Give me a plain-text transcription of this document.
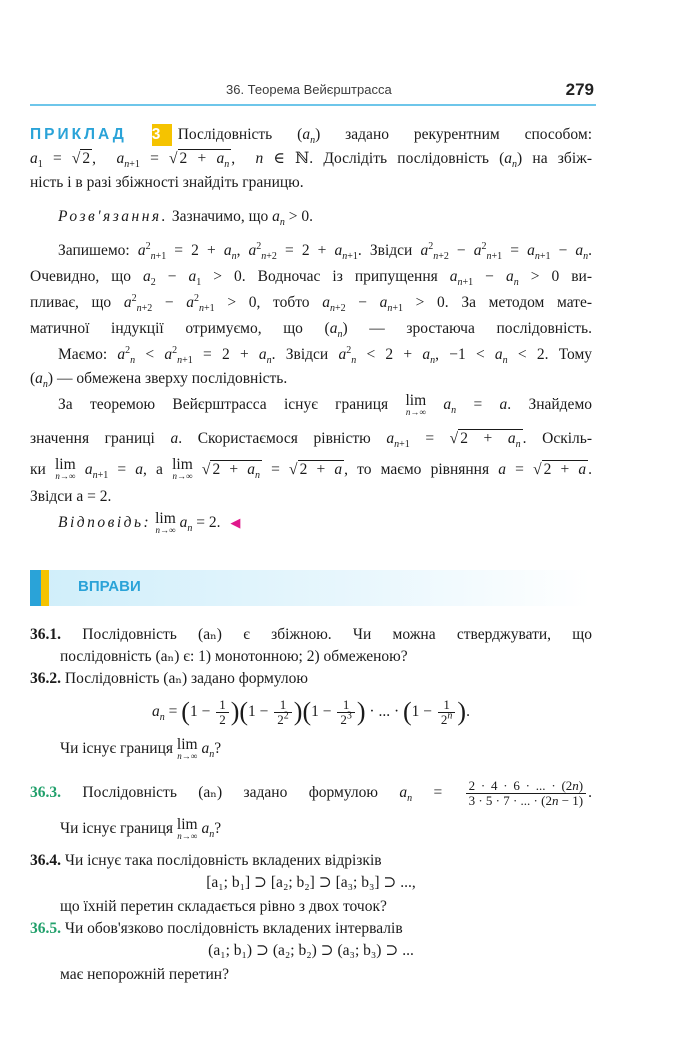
36. Теорема Вейєрштрасса	279
ПРИКЛАД 3 Послідовність $(a_n)$ задано рекурентним способом:
$a_1$ = √ 2 ,  $a_{n+1}$ = √ $2 + a_n$ ,  n ∈ ℕ. Дослідіть послідовність $(a_n)$ на збіж-
ність і в разі збіжності знайдіть границю.
Розв'язання. Зазначимо, що $a_n > 0$.
Запишемо: $a^2_{n+1} = 2 + a_n$, $a^2_{n+2} = 2 + a_{n+1}$. Звідси $a^2_{n+2} - a^2_{n+1} = a_{n+1} - a_n$.
Очевидно, що $a_2 - a_1 > 0$. Водночас із припущення $a_{n+1} - a_n > 0$ ви-
пливає, що $a^2_{n+2} - a^2_{n+1} > 0$, тобто $a_{n+2} - a_{n+1} > 0$. За методом мате-
матичної індукції отримуємо, що $(a_n)$ — зростаюча послідовність.
Маємо: $a^2_n < a^2_{n+1} = 2 + a_n$. Звідси $a^2_n < 2 + a_n$, $-1 < a_n < 2$. Тому
$(a_n)$ — обмежена зверху послідовність.
За теоремою Вейєрштрасса існує границя lim
n→∞ $a_n = a$. Знайдемо
значення границі a. Скористаємося рівністю $a_{n+1}$ = √ $2 + a_n$ . Оскіль-
ки lim
n→∞ $a_{n+1} = a$, а lim
n→∞ √ $2 + a_n$ = √ 2 + a , то маємо рівняння a = √ 2 + a .
Звідси a = 2.
Відповідь: lim
n→∞ $a_n = 2$. ◀
ВПРАВИ
36.1. Послідовність (aₙ) є збіжною. Чи можна стверджувати, що
послідовність (aₙ) є: 1) монотонною; 2) обмеженою?
36.2. Послідовність (aₙ) задано формулою
$a_n = (1 - \frac{1}{2} )(1 - \frac{1}{2^2} )(1 - \frac{1}{2^3}$ ) · ... · ($1 - \frac{1}{2^n}$ ).
Чи існує границя lim
n→∞ $a_n$?
36.3. Послідовність (aₙ) задано формулою $a_n = \frac{2 \cdot 4 \cdot 6 \cdot ... \cdot (2n)}{3 \cdot 5 \cdot 7 \cdot ... \cdot (2n - 1)}$ .
Чи існує границя lim
n→∞ $a_n$?
36.4. Чи існує така послідовність вкладених відрізків
[a₁; b₁] ⊃ [a₂; b₂] ⊃ [a₃; b₃] ⊃ ...,
що їхній перетин складається рівно з двох точок?
36.5. Чи обов'язково послідовність вкладених інтервалів
(a₁; b₁) ⊃ (a₂; b₂) ⊃ (a₃; b₃) ⊃ ...
має непорожній перетин?
